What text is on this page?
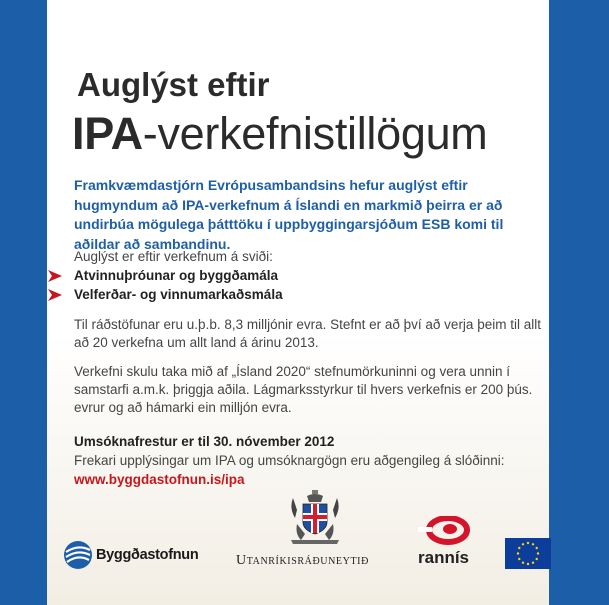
Auglýst eftir
IPA-verkefnistillögum
Framkvæmdastjórn Evrópusambandsins hefur auglýst eftir hugmyndum að IPA-verkefnum á Íslandi en markmið þeirra er að undirbúa mögulega þátttöku í uppbyggingarsjóðum ESB komi til aðildar að sambandinu.
Auglýst er eftir verkefnum á sviði:
Atvinnuþróunar og byggðamála
Velferðar- og vinnumarkaðsmála
Til ráðstöfunar eru u.þ.b. 8,3 milljónir evra. Stefnt er að því að verja þeim til allt að 20 verkefna um allt land á árinu 2013.
Verkefni skulu taka mið af „Ísland 2020“ stefnumörkuninni og vera unnin í samstarfi a.m.k. þriggja aðila. Lágmarksstyrkur til hvers verkefnis er 200 þús. evrur og að hámarki ein milljón evra.
Umsóknafrestur er til 30. nóvember 2012
Frekari upplýsingar um IPA og umsóknargögn eru aðgengileg á slóðinni:
www.byggdastofnun.is/ipa
Byggðastofnun	Utanríkisráðuneytið	rannís
